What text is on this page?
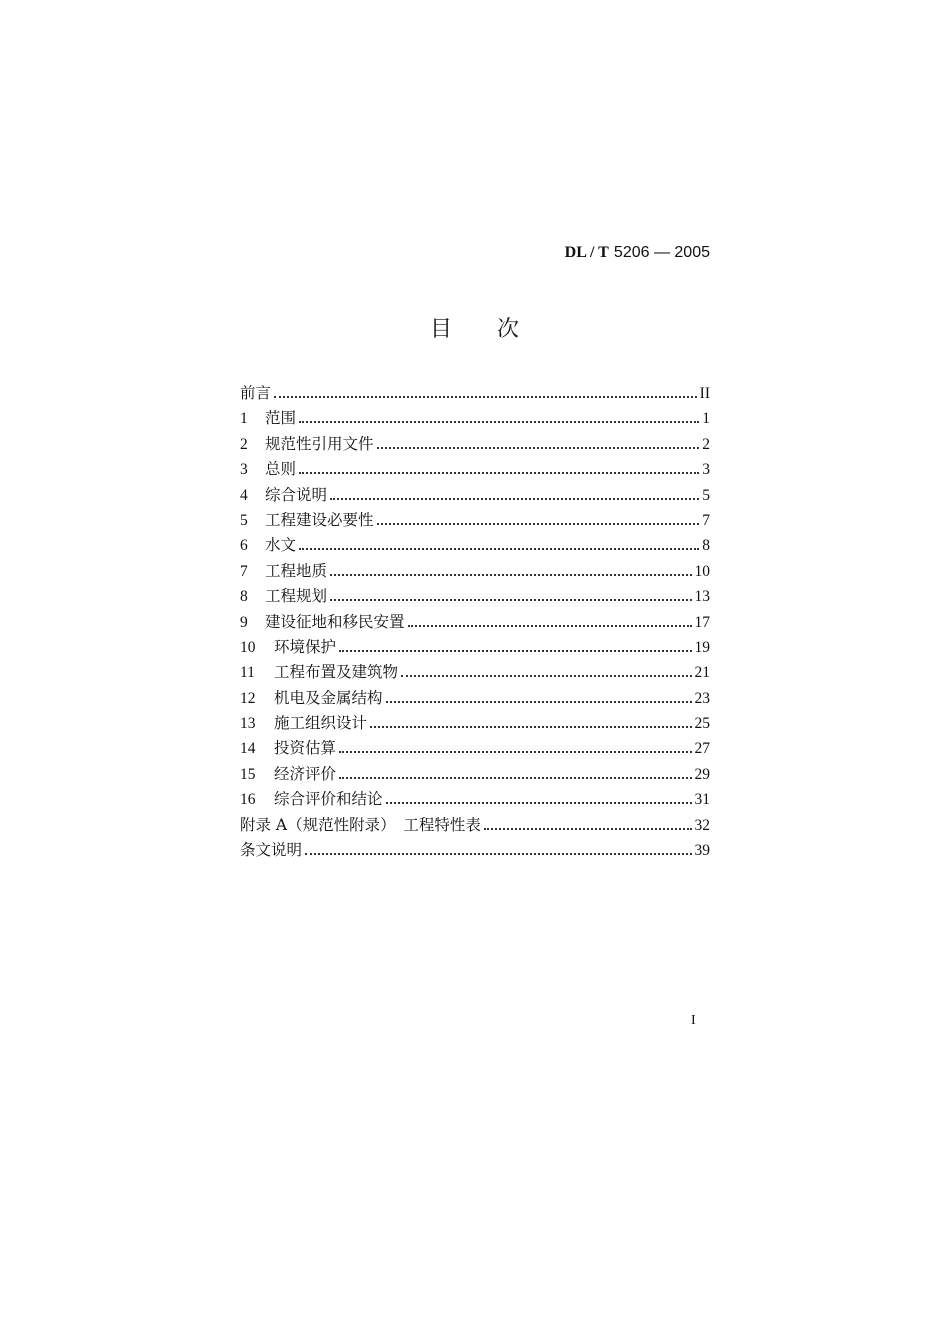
DL / T 5206 — 2005
目 次
前言	II
1	范围	1
2	规范性引用文件	2
3	总则	3
4	综合说明	5
5	工程建设必要性	7
6	水文	8
7	工程地质	10
8	工程规划	13
9	建设征地和移民安置	17
10	环境保护	19
11	工程布置及建筑物	21
12	机电及金属结构	23
13	施工组织设计	25
14	投资估算	27
15	经济评价	29
16	综合评价和结论	31
附录 A（规范性附录）　工程特性表	32
条文说明	39
I
